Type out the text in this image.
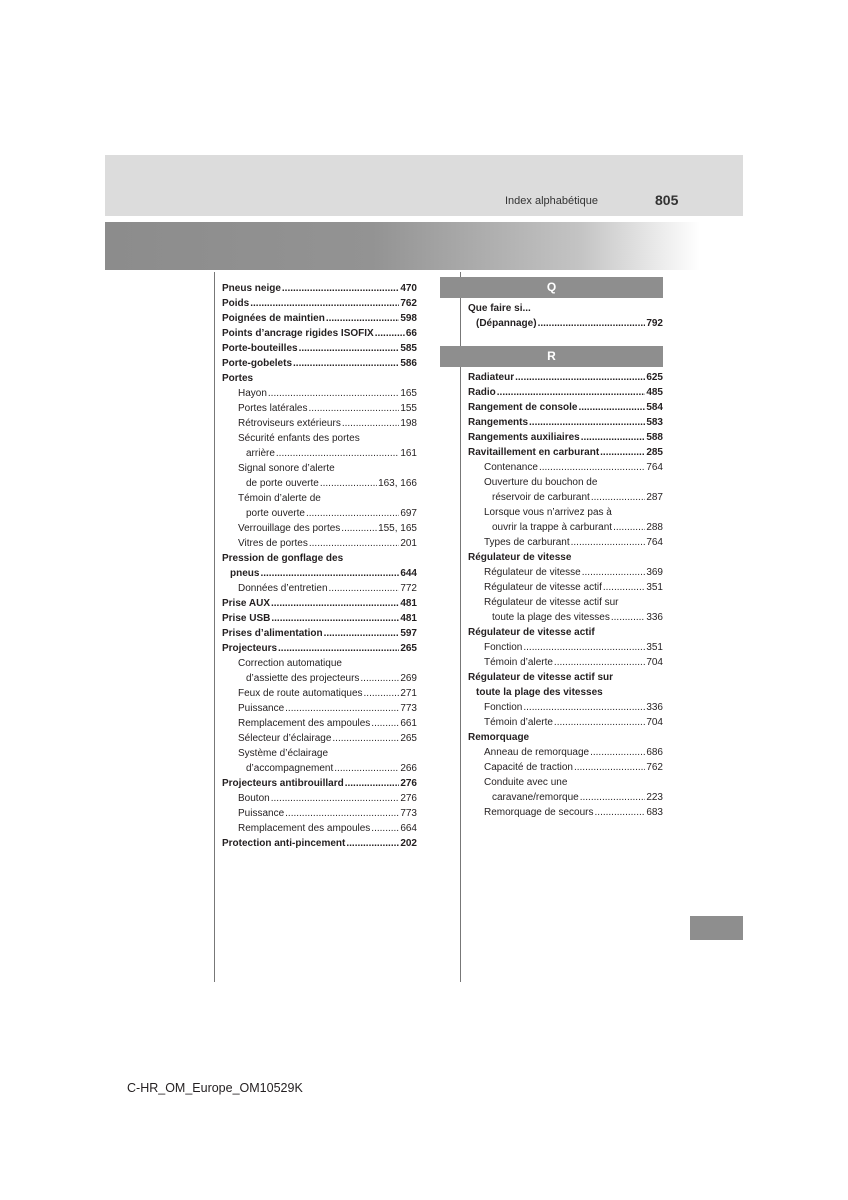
Index alphabétique	805
Pneus neige .....	470
Poids .....	762
Poignées de maintien .....	598
Points d’ancrage rigides ISOFIX .....	66
Porte-bouteilles .....	585
Porte-gobelets .....	586
Portes
Hayon .....	165
Portes latérales .....	155
Rétroviseurs extérieurs .....	198
Sécurité enfants des portes
arrière .....	161
Signal sonore d’alerte
de porte ouverte .....	163, 166
Témoin d’alerte de
porte ouverte .....	697
Verrouillage des portes .....	155, 165
Vitres de portes .....	201
Pression de gonflage des
pneus .....	644
Données d’entretien .....	772
Prise AUX .....	481
Prise USB .....	481
Prises d’alimentation .....	597
Projecteurs .....	265
Correction automatique
d’assiette des projecteurs .....	269
Feux de route automatiques .....	271
Puissance .....	773
Remplacement des ampoules .....	661
Sélecteur d’éclairage .....	265
Système d’éclairage
d’accompagnement .....	266
Projecteurs antibrouillard .....	276
Bouton .....	276
Puissance .....	773
Remplacement des ampoules .....	664
Protection anti-pincement .....	202
Q
Que faire si...
(Dépannage) .....	792
R
Radiateur .....	625
Radio .....	485
Rangement de console .....	584
Rangements .....	583
Rangements auxiliaires .....	588
Ravitaillement en carburant .....	285
Contenance .....	764
Ouverture du bouchon de
réservoir de carburant .....	287
Lorsque vous n’arrivez pas à
ouvrir la trappe à carburant .....	288
Types de carburant .....	764
Régulateur de vitesse
Régulateur de vitesse .....	369
Régulateur de vitesse actif .....	351
Régulateur de vitesse actif sur
toute la plage des vitesses .....	336
Régulateur de vitesse actif
Fonction .....	351
Témoin d’alerte .....	704
Régulateur de vitesse actif sur
toute la plage des vitesses
Fonction .....	336
Témoin d’alerte .....	704
Remorquage
Anneau de remorquage .....	686
Capacité de traction .....	762
Conduite avec une
caravane/remorque .....	223
Remorquage de secours .....	683
C-HR_OM_Europe_OM10529K
